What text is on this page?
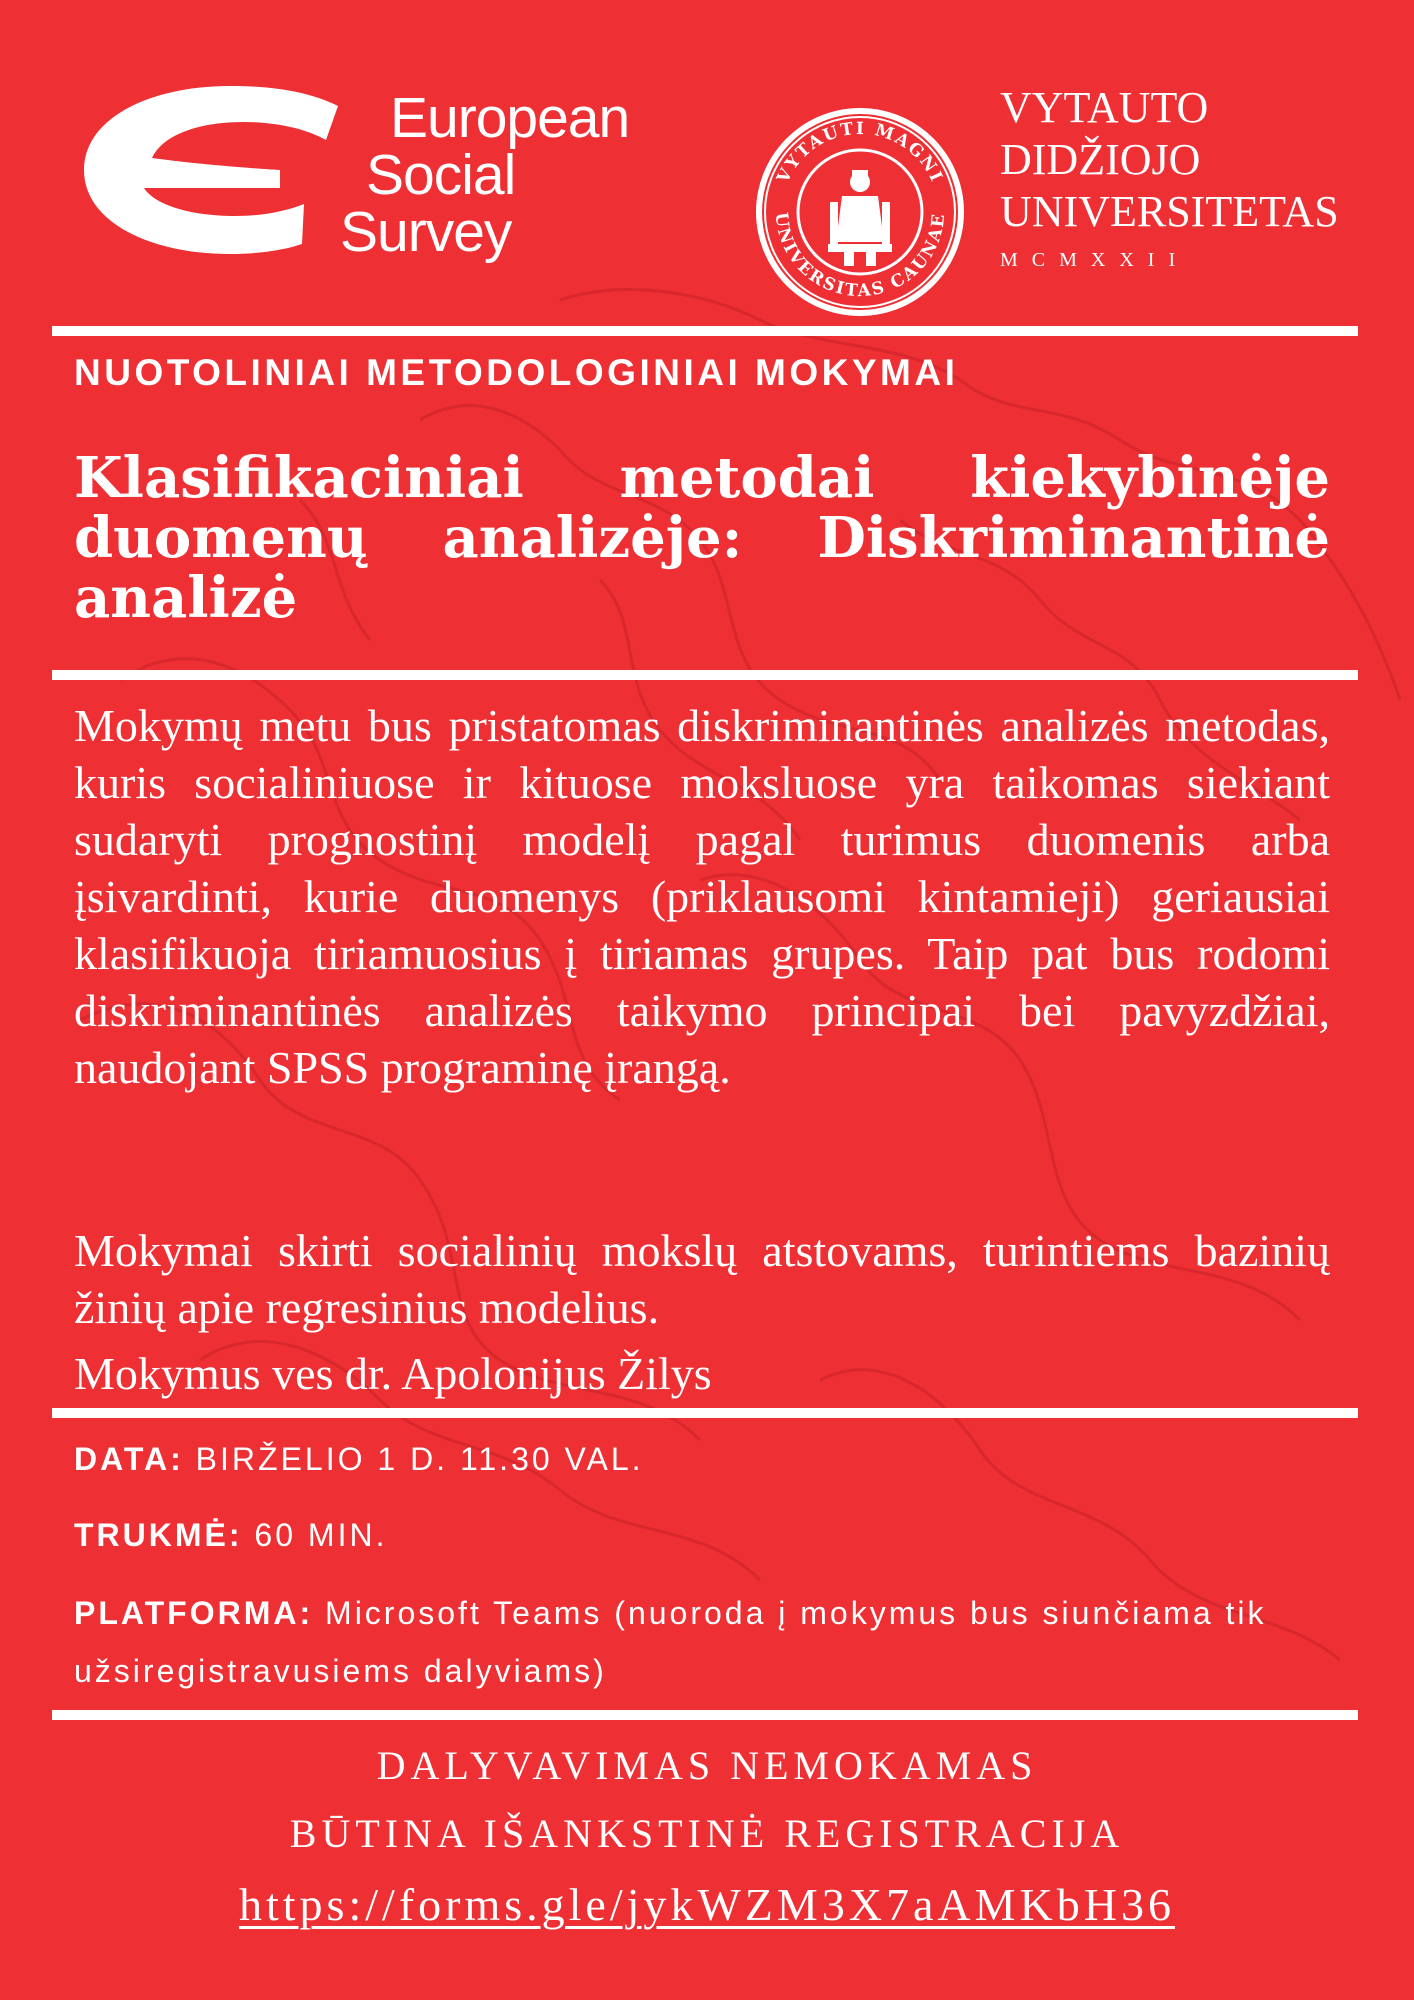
European
Social
Survey
VYTAUTI MAGNI
UNIVERSITAS CAUNAE
VYTAUTO
DIDŽIOJO
UNIVERSITETAS
MCMXXII
NUOTOLINIAI METODOLOGINIAI MOKYMAI
Klasifikaciniai metodai kiekybinėje duomenų analizėje: Diskriminantinė analizė

Mokymų metu bus pristatomas diskriminantinės analizės metodas, kuris socialiniuose ir kituose moksluose yra taikomas siekiant sudaryti prognostinį modelį pagal turimus duomenis arba įsivardinti, kurie duomenys (priklausomi kintamieji) geriausiai klasifikuoja tiriamuosius į tiriamas grupes. Taip pat bus rodomi diskriminantinės analizės taikymo principai bei pavyzdžiai, naudojant SPSS programinę įrangą.

Mokymai skirti socialinių mokslų atstovams, turintiems bazinių žinių apie regresinius modelius.

Mokymus ves dr. Apolonijus Žilys

DATA: BIRŽELIO 1 D. 11.30 VAL.
TRUKMĖ: 60 MIN.
PLATFORMA: Microsoft Teams (nuoroda į mokymus bus siunčiama tik užsiregistravusiems dalyviams)
DALYVAVIMAS NEMOKAMAS
BŪTINA IŠANKSTINĖ REGISTRACIJA
https://forms.gle/jykWZM3X7aAMKbH36
